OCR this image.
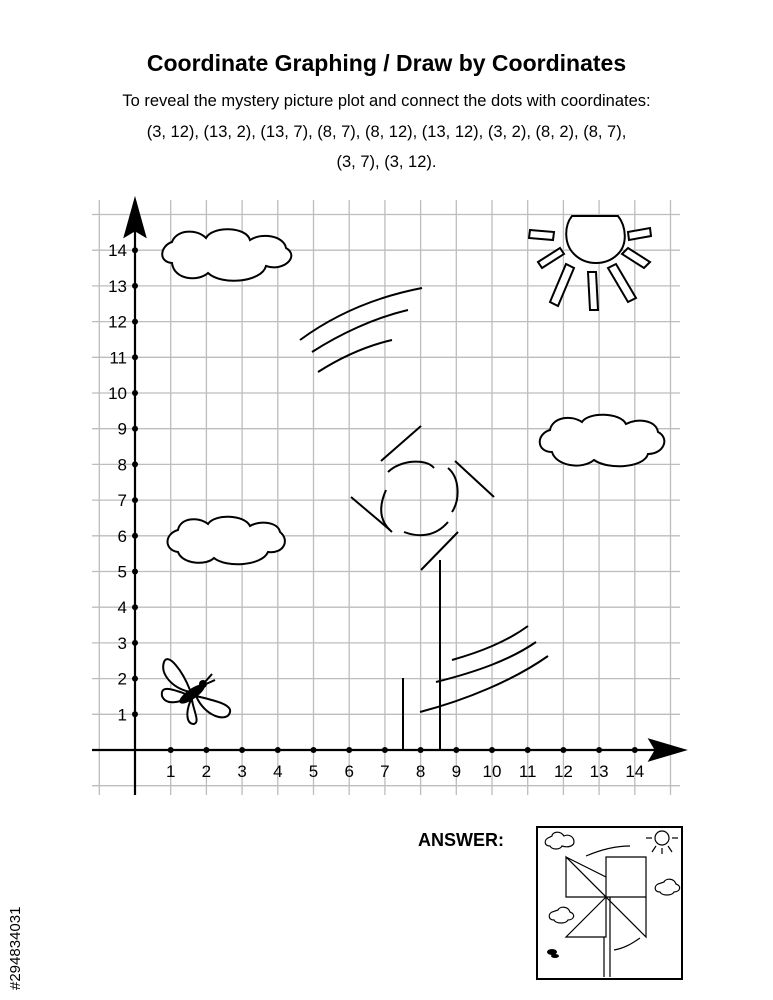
Coordinate Graphing / Draw by Coordinates
To reveal the mystery picture plot and connect the dots with coordinates:
(3, 12), (13, 2), (13, 7), (8, 7), (8, 12), (13, 12), (3, 2), (8, 2), (8, 7),
(3, 7), (3, 12).
1 2 3 4 5 6 7 8 9 10 11 12 13 14
1
2
3
4
5
6
7
8
9
10
11
12
13
14
ANSWER:
#294834031
